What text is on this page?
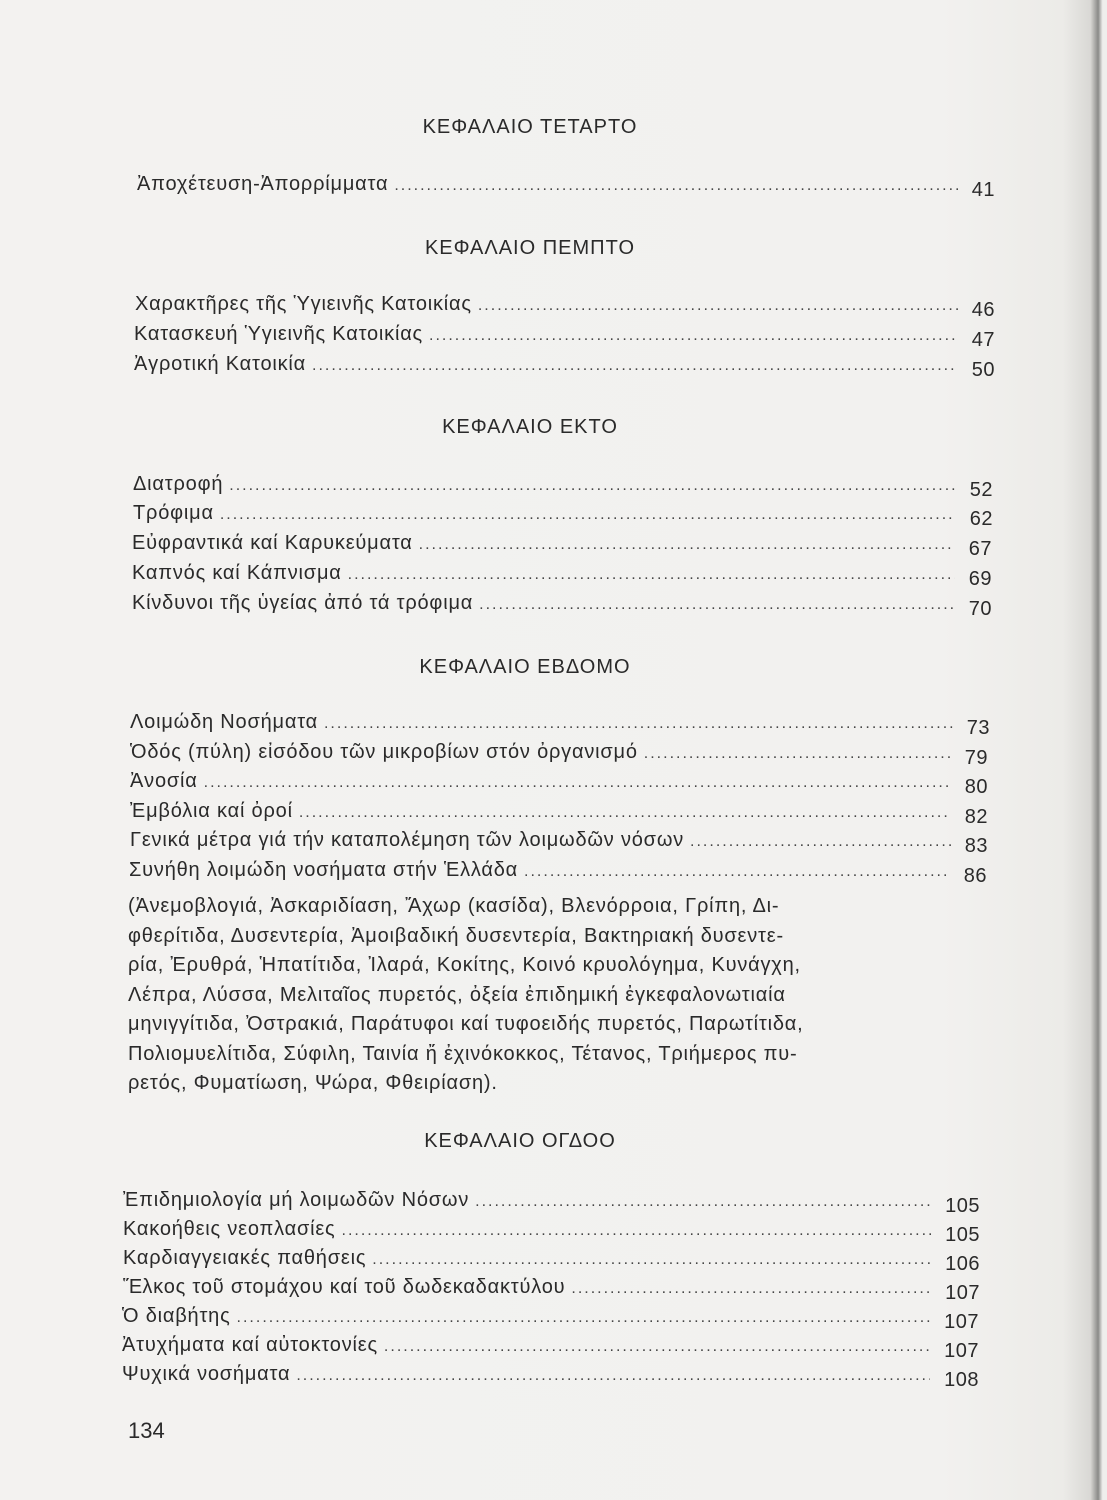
ΚΕΦΑΛΑΙΟ ΤΕΤΑΡΤΟ
Ἀποχέτευση-Ἀπορρίμματα .....	41
ΚΕΦΑΛΑΙΟ ΠΕΜΠΤΟ
Χαρακτῆρες τῆς Ὑγιεινῆς Κατοικίας .....	46
Κατασκευή Ὑγιεινῆς Κατοικίας .....	47
Ἀγροτική Κατοικία .....	50
ΚΕΦΑΛΑΙΟ ΕΚΤΟ
Διατροφή .....	52
Τρόφιμα .....	62
Εὐφραντικά καί Καρυκεύματα .....	67
Καπνός καί Κάπνισμα .....	69
Κίνδυνοι τῆς ὑγείας ἀπό τά τρόφιμα .....	70
ΚΕΦΑΛΑΙΟ ΕΒΔΟΜΟ
Λοιμώδη Νοσήματα .....	73
Ὁδός (πύλη) εἰσόδου τῶν μικροβίων στόν ὀργανισμό .....	79
Ἀνοσία .....	80
Ἐμβόλια καί ὀροί .....	82
Γενικά μέτρα γιά τήν καταπολέμηση τῶν λοιμωδῶν νόσων .....	83
Συνήθη λοιμώδη νοσήματα στήν Ἑλλάδα .....	86
(Ἀνεμοβλογιά, Ἀσκαριδίαση, Ἄχωρ (κασίδα), Βλενόρροια, Γρίπη, Δι-
φθερίτιδα, Δυσεντερία, Ἀμοιβαδική δυσεντερία, Βακτηριακή δυσεντε-
ρία, Ἐρυθρά, Ἡπατίτιδα, Ἰλαρά, Κοκίτης, Κοινό κρυολόγημα, Κυνάγχη,
Λέπρα, Λύσσα, Μελιταῖος πυρετός, ὀξεία ἐπιδημική ἐγκεφαλονωτιαία
μηνιγγίτιδα, Ὀστρακιά, Παράτυφοι καί τυφοειδής πυρετός, Παρωτίτιδα,
Πολιομυελίτιδα, Σύφιλη, Ταινία ἤ ἐχινόκοκκος, Τέτανος, Τριήμερος πυ-
ρετός, Φυματίωση, Ψώρα, Φθειρίαση).
ΚΕΦΑΛΑΙΟ ΟΓΔΟΟ
Ἐπιδημιολογία μή λοιμωδῶν Νόσων .....	105
Κακοήθεις νεοπλασίες .....	105
Καρδιαγγειακές παθήσεις .....	106
Ἕλκος τοῦ στομάχου καί τοῦ δωδεκαδακτύλου .....	107
Ὁ διαβήτης .....	107
Ἀτυχήματα καί αὐτοκτονίες .....	107
Ψυχικά νοσήματα .....	108
134
